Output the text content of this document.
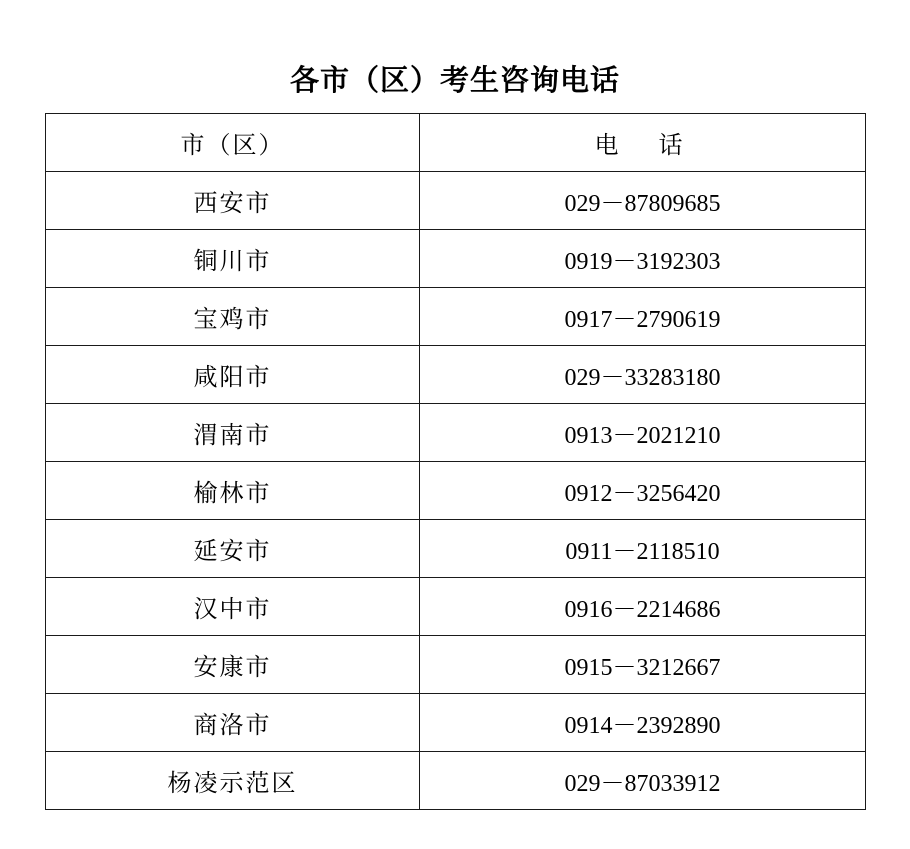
各市（区）考生咨询电话
市（区）	电　话
西安市	029－87809685
铜川市	0919－3192303
宝鸡市	0917－2790619
咸阳市	029－33283180
渭南市	0913－2021210
榆林市	0912－3256420
延安市	0911－2118510
汉中市	0916－2214686
安康市	0915－3212667
商洛市	0914－2392890
杨凌示范区	029－87033912
